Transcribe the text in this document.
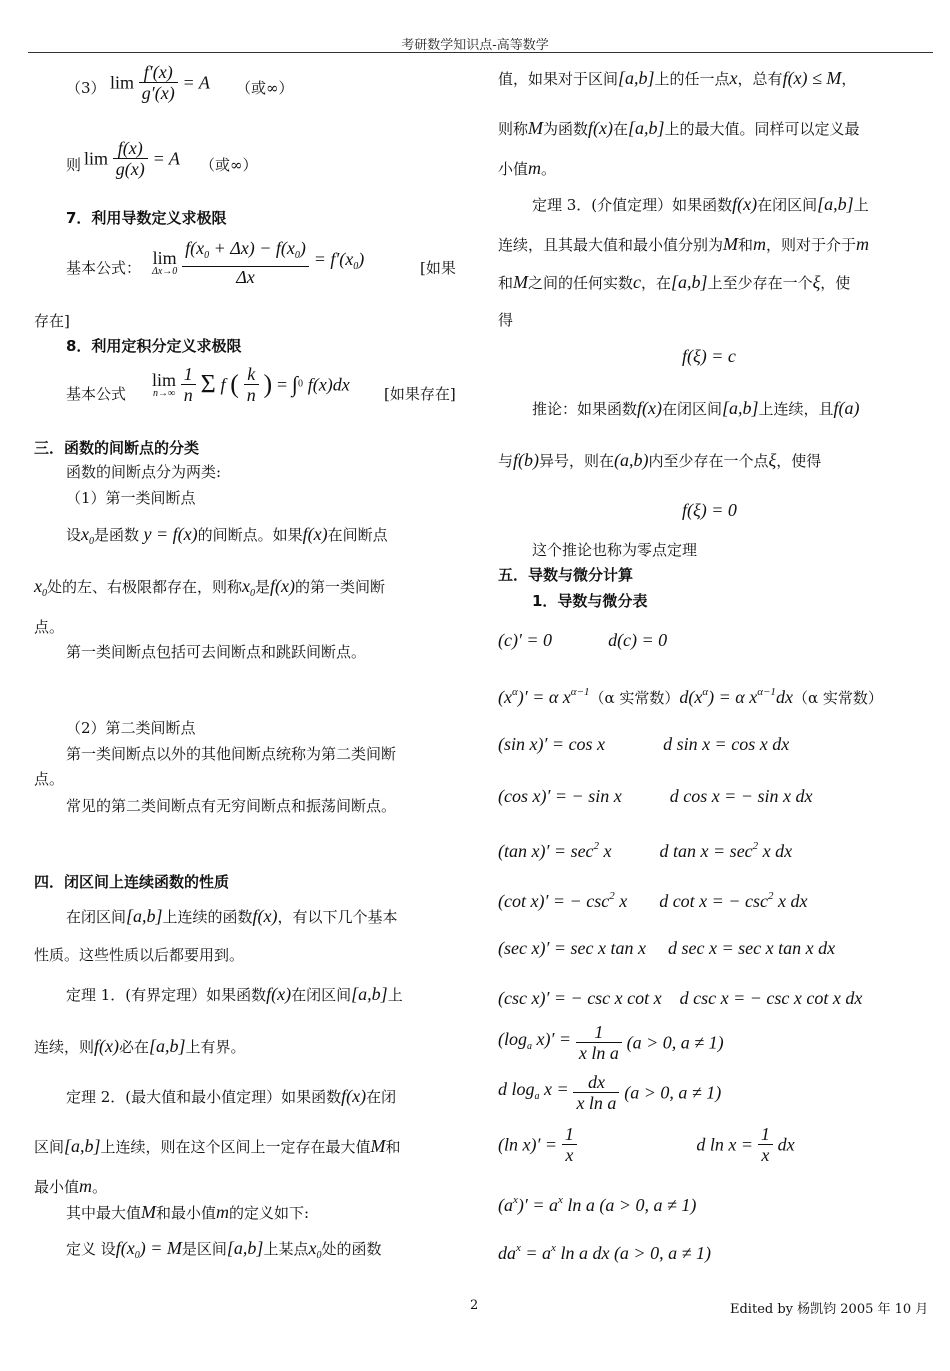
考研数学知识点-高等数学
（3） $\lim \frac{f'(x)}{g'(x)} = A$ （或∞）
则 $\lim \frac{f(x)}{g(x)} = A$ （或∞）
7．利用导数定义求极限
基本公式：
lim
Δx→0
$\frac{f(x_0 + \Delta x) - f(x_0)}{\Delta x} = f'(x_0)$	[如果
存在]
8．利用定积分定义求极限
基本公式
lim
n→∞
$\frac{1}{n}$ Σ f ( $\frac{k}{n}$ ) = ∫0 f(x)dx [如果存在]
三．函数的间断点的分类
函数的间断点分为两类:
（1）第一类间断点
设$x_0$是函数 y = f(x)的间断点。如果f(x)在间断点
$x_0$处的左、右极限都存在，则称$x_0$是f(x)的第一类间断
点。
第一类间断点包括可去间断点和跳跃间断点。
（2）第二类间断点
第一类间断点以外的其他间断点统称为第二类间断
点。
常见的第二类间断点有无穷间断点和振荡间断点。
四．闭区间上连续函数的性质
在闭区间[a,b]上连续的函数f(x)，有以下几个基本
性质。这些性质以后都要用到。
定理 1．(有界定理）如果函数f(x)在闭区间[a,b]上
连续，则f(x)必在[a,b]上有界。
定理 2．(最大值和最小值定理）如果函数f(x)在闭
区间[a,b]上连续，则在这个区间上一定存在最大值M和
最小值m。
其中最大值M和最小值m的定义如下:
定义 设$f(x_0) = M$是区间[a,b]上某点$x_0$处的函数
值，如果对于区间[a,b]上的任一点x，总有f(x) ≤ M，
则称M为函数f(x)在[a,b]上的最大值。同样可以定义最
小值m。
定理 3．(介值定理）如果函数f(x)在闭区间[a,b]上
连续，且其最大值和最小值分别为M和m，则对于介于m
和M之间的任何实数c，在[a,b]上至少存在一个ξ，使
得
f(ξ) = c
推论：如果函数f(x)在闭区间[a,b]上连续，且f(a)
与f(b)异号，则在(a,b)内至少存在一个点ξ，使得
f(ξ) = 0
这个推论也称为零点定理
五．导数与微分计算
1．导数与微分表
(c)′ = 0	d(c) = 0
$(x^\alpha)' = \alpha$ $x^{\alpha-1}(\alpha$ 实常数）$d(x^\alpha) = \alpha$ $x^{\alpha-1}dx(\alpha$ 实常数）
(sin x)′ = cos x	d sin x = cos x dx
(cos x)′ = − sin x	d cos x = − sin x dx
(tan $x)' = \sec^2 x$	d $\tan x = \sec^2 x$ dx
(cot x)′ = − $\csc^2 x$ d cot x = − $\csc^2 x$ dx
(sec x)′ = sec x tan x d sec x = sec x tan x dx
(csc x)′ = − csc x cot x d csc x = − csc x cot x dx
($\log_a$ $x)' = \frac{1}{\text{x ln a}} (a > 0$, a ≠ 1)
d $\log_a x = \frac{dx}{\text{x ln a}} (a > 0$, a ≠ 1)
(ln $x)' = \frac{1}{x}$	d $\ln x = \frac{1}{x}$ dx
$(a^x)' = a^x$ ln a (a > 0, a ≠ 1)
$da^x = a^x$ ln a dx (a > 0, a ≠ 1)
2	Edited by 杨凯钧 2005 年 10 月
